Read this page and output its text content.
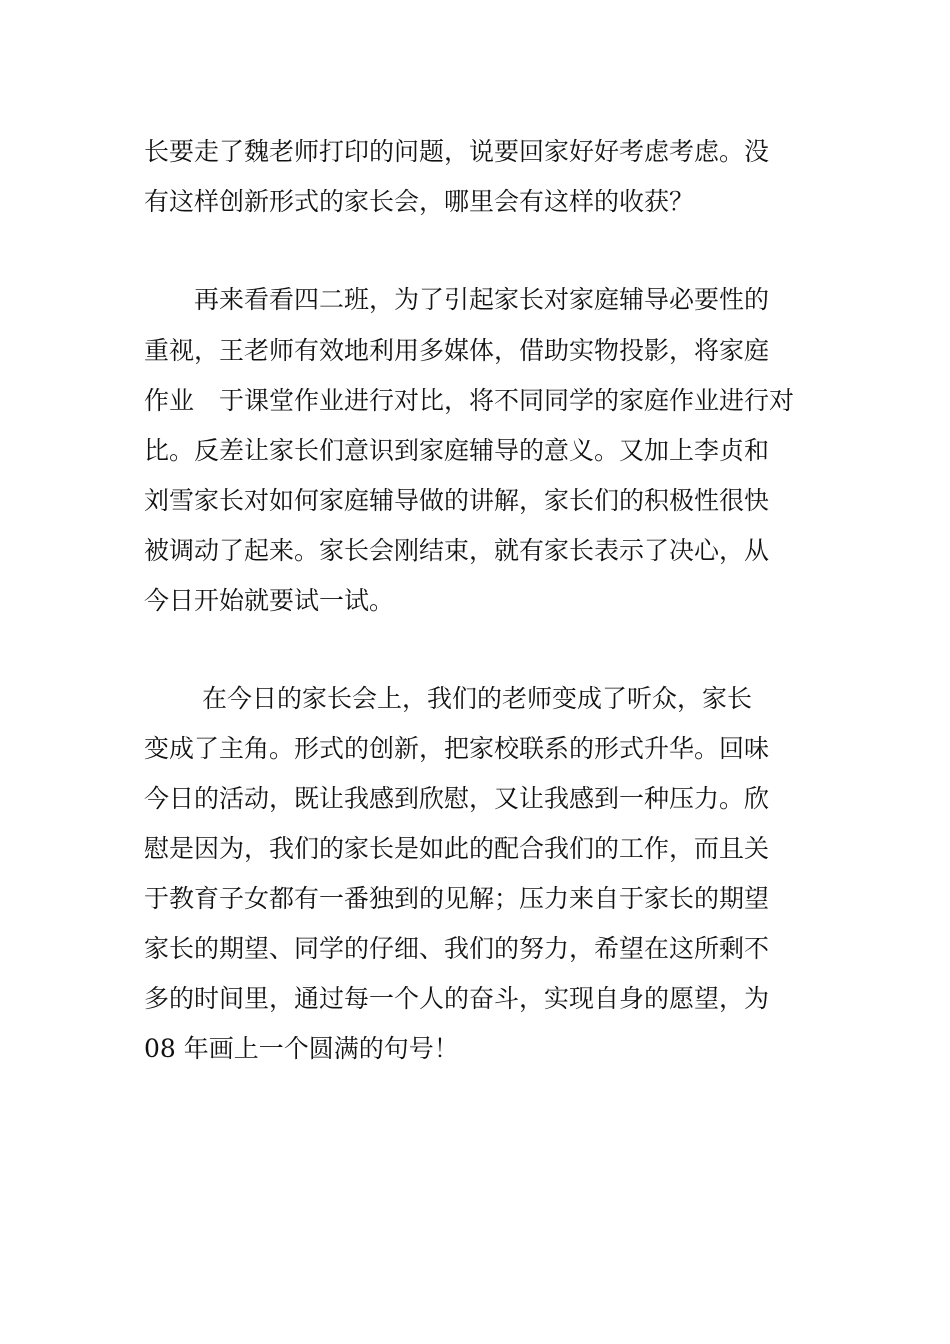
长要走了魏老师打印的问题，说要回家好好考虑考虑。没
有这样创新形式的家长会，哪里会有这样的收获？
　　再来看看四二班，为了引起家长对家庭辅导必要性的
重视，王老师有效地利用多媒体，借助实物投影，将家庭
作业　于课堂作业进行对比，将不同同学的家庭作业进行对
比。反差让家长们意识到家庭辅导的意义。又加上李贞和
刘雪家长对如何家庭辅导做的讲解，家长们的积极性很快
被调动了起来。家长会刚结束，就有家长表示了决心，从
今日开始就要试一试。
　　 在今日的家长会上，我们的老师变成了听众，家长
变成了主角。形式的创新，把家校联系的形式升华。回味
今日的活动，既让我感到欣慰，又让我感到一种压力。欣
慰是因为，我们的家长是如此的配合我们的工作，而且关
于教育子女都有一番独到的见解；压力来自于家长的期望
家长的期望、同学的仔细、我们的努力，希望在这所剩不
多的时间里，通过每一个人的奋斗，实现自身的愿望，为
08 年画上一个圆满的句号！
